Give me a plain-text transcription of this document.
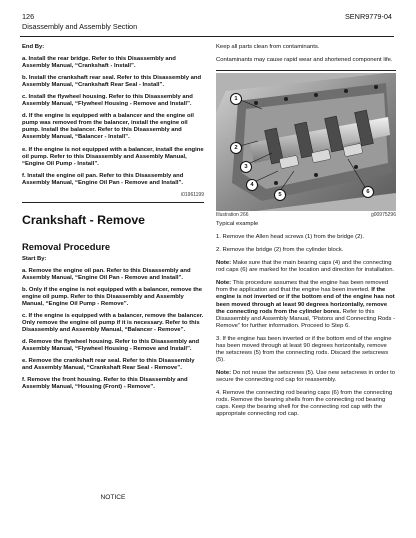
126
Disassembly and Assembly Section
SENR9779-04
End By:
a. Install the rear bridge. Refer to this Disassembly and Assembly Manual, “Crankshaft - Install”.
b. Install the crankshaft rear seal. Refer to this Disassembly and Assembly Manual, “Crankshaft Rear Seal - Install”.
c. Install the flywheel housing. Refer to this Disassembly and Assembly Manual, “Flywheel Housing - Remove and Install”.
d. If the engine is equipped with a balancer and the engine oil pump was removed from the balancer, install the engine oil pump. Install the balancer. Refer to this Disassembly and Assembly Manual, “Balancer - Install”.
e. If the engine is not equipped with a balancer, install the engine oil pump. Refer to this Disassembly and Assembly Manual, “Engine Oil Pump - Install”.
f. Install the engine oil pan. Refer to this Disassembly and Assembly Manual, “Engine Oil Pan - Remove and Install”.
i01961199
Crankshaft - Remove
Removal Procedure
Start By:
a. Remove the engine oil pan. Refer to this Disassembly and Assembly Manual, “Engine Oil Pan - Remove and Install”.
b. Only if the engine is not equipped with a balancer, remove the engine oil pump. Refer to this Disassembly and Assembly Manual, “Engine Oil Pump - Remove”.
c. If the engine is equipped with a balancer, remove the balancer. Only remove the engine oil pump if it is necessary. Refer to this Disassembly and Assembly Manual, “Balancer - Remove”.
d. Remove the flywheel housing. Refer to this Disassembly and Assembly Manual, “Flywheel Housing - Remove and Install”.
e. Remove the crankshaft rear seal. Refer to this Disassembly and Assembly Manual, “Crankshaft Rear Seal - Remove”.
f. Remove the front housing. Refer to this Disassembly and Assembly Manual, “Housing (Front) - Remove”.
NOTICE

Keep all parts clean from contaminants.

Contaminants may cause rapid wear and shortened component life.

1
2
3
4
5	6
Illustration 266	g00975296

Typical example

1. Remove the Allen head screws (1) from the bridge (2).

2. Remove the bridge (2) from the cylinder block.

Note: Make sure that the main bearing caps (4) and the connecting rod caps (6) are marked for the location and direction for installation.

Note: This procedure assumes that the engine has been removed from the application and that the engine has been inverted. If the engine is not inverted or if the bottom end of the engine has not been moved through at least 90 degrees horizontally, remove the connecting rods from the cylinder bores. Refer to this Disassembly and Assembly Manual, “Pistons and Connecting Rods - Remove” for further information. Proceed to Step 6.

3. If the engine has been inverted or if the bottom end of the engine has been moved through at least 90 degrees horizontally, remove the setscrews (5) from the connecting rods. Discard the setscrews (5).

Note: Do not reuse the setscrews (5). Use new setscrews in order to secure the connecting rod cap for reassembly.

4. Remove the connecting rod bearing caps (6) from the connecting rods. Remove the bearing shells from the connecting rod bearing caps. Keep the bearing shell for the connecting rod cap with the appropriate connecting rod cap.
